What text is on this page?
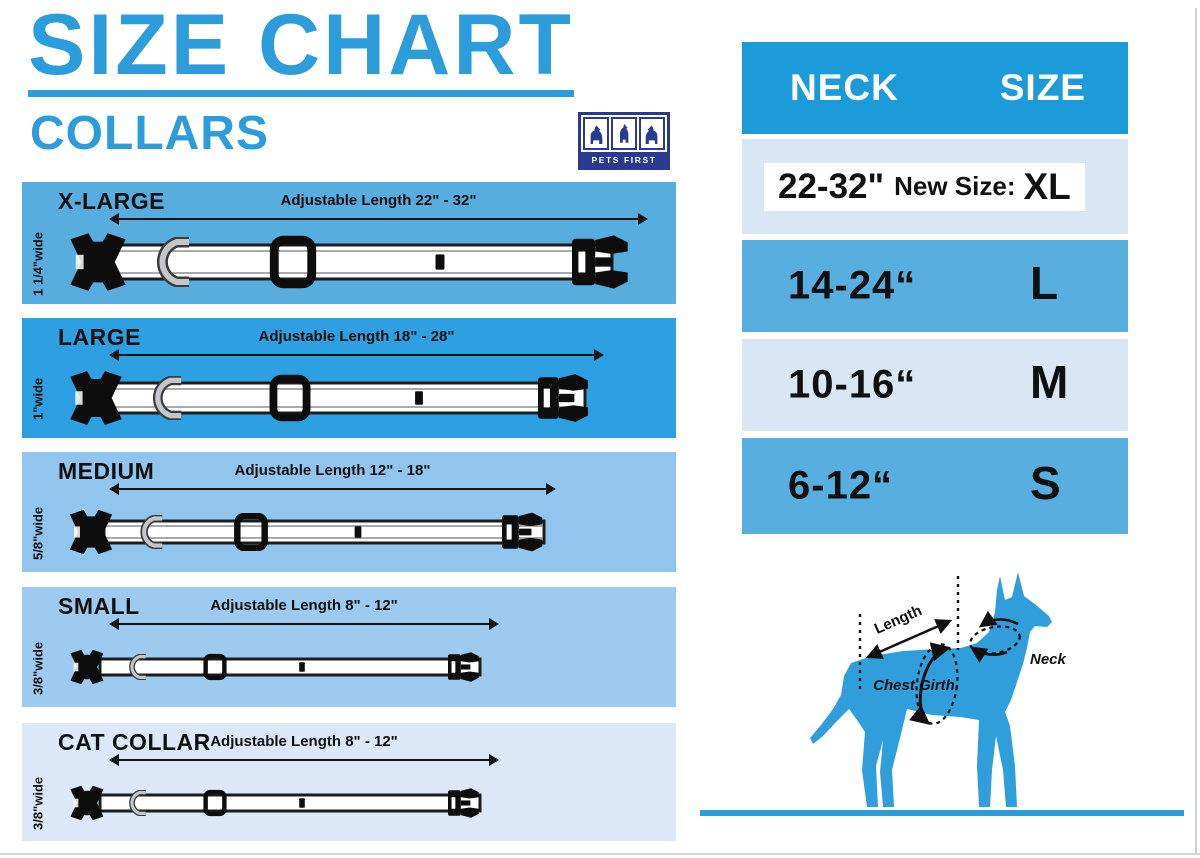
SIZE CHART
COLLARS	PETS FIRST
X-LARGE	Adjustable Length 22" - 32"
1 1/4"wide
LARGE	Adjustable Length 18" - 28"
1"wide
MEDIUM	Adjustable Length 12" - 18"
5/8"wide
SMALL	Adjustable Length 8" - 12"
3/8"wide
CAT COLLAR Adjustable Length 8" - 12"
3/8"wide
NECK	SIZE
22-32" New Size: XL
14-24“ L
10-16“ M
6-12“	S
Length
Neck
Chest Girth
